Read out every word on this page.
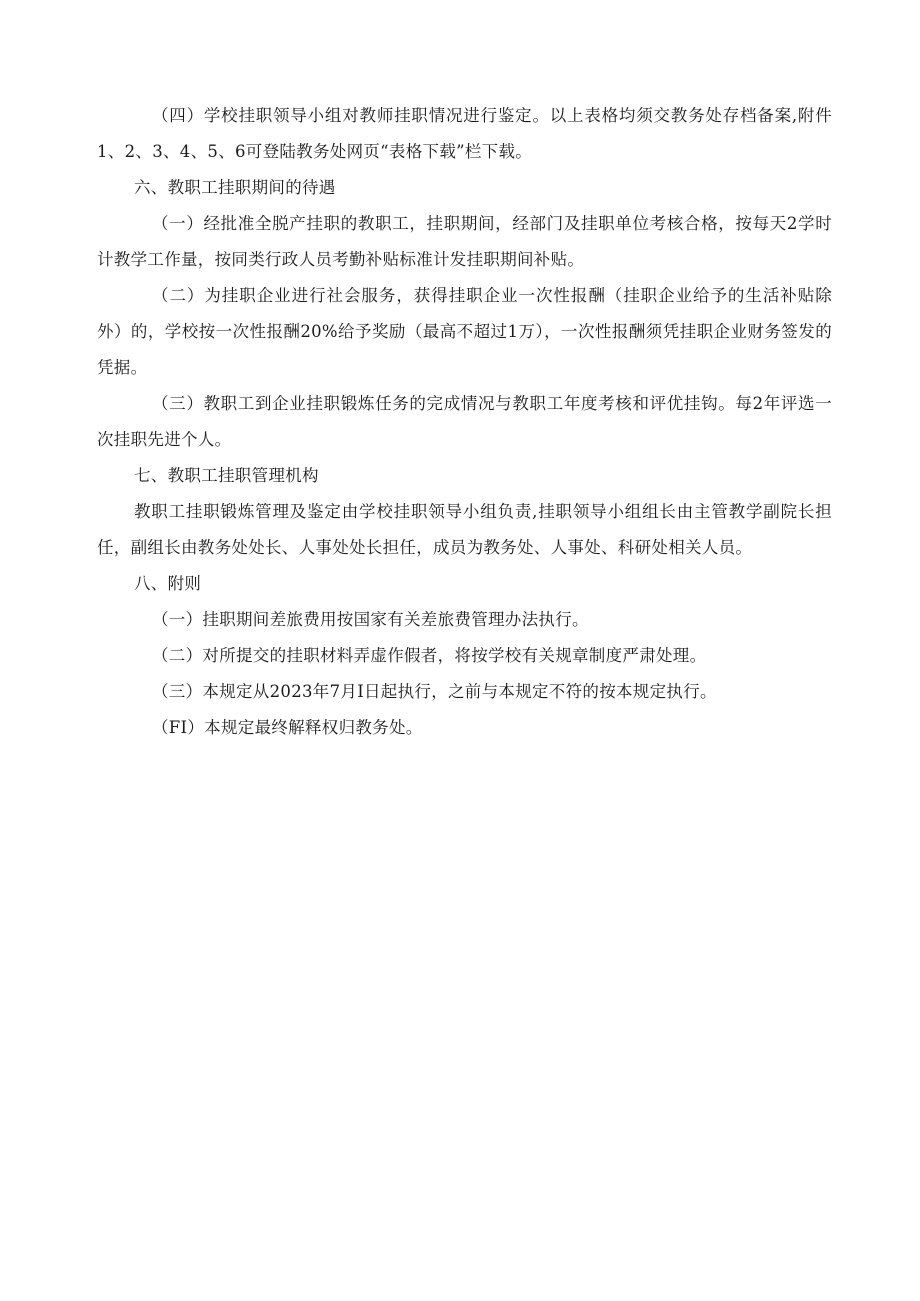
（四）学校挂职领导小组对教师挂职情况进行鉴定。以上表格均须交教务处存档备案,附件1、2、3、4、5、6可登陆教务处网页“表格下载”栏下载。

六、教职工挂职期间的待遇

（一）经批准全脱产挂职的教职工，挂职期间，经部门及挂职单位考核合格，按每天2学时计教学工作量，按同类行政人员考勤补贴标准计发挂职期间补贴。

（二）为挂职企业进行社会服务，获得挂职企业一次性报酬（挂职企业给予的生活补贴除外）的，学校按一次性报酬20%给予奖励（最高不超过1万），一次性报酬须凭挂职企业财务签发的凭据。

（三）教职工到企业挂职锻炼任务的完成情况与教职工年度考核和评优挂钩。每2年评选一次挂职先进个人。

七、教职工挂职管理机构

教职工挂职锻炼管理及鉴定由学校挂职领导小组负责,挂职领导小组组长由主管教学副院长担任，副组长由教务处处长、人事处处长担任，成员为教务处、人事处、科研处相关人员。

八、附则

（一）挂职期间差旅费用按国家有关差旅费管理办法执行。

（二）对所提交的挂职材料弄虚作假者，将按学校有关规章制度严肃处理。

（三）本规定从2023年7月I日起执行，之前与本规定不符的按本规定执行。

（FI）本规定最终解释权归教务处。
